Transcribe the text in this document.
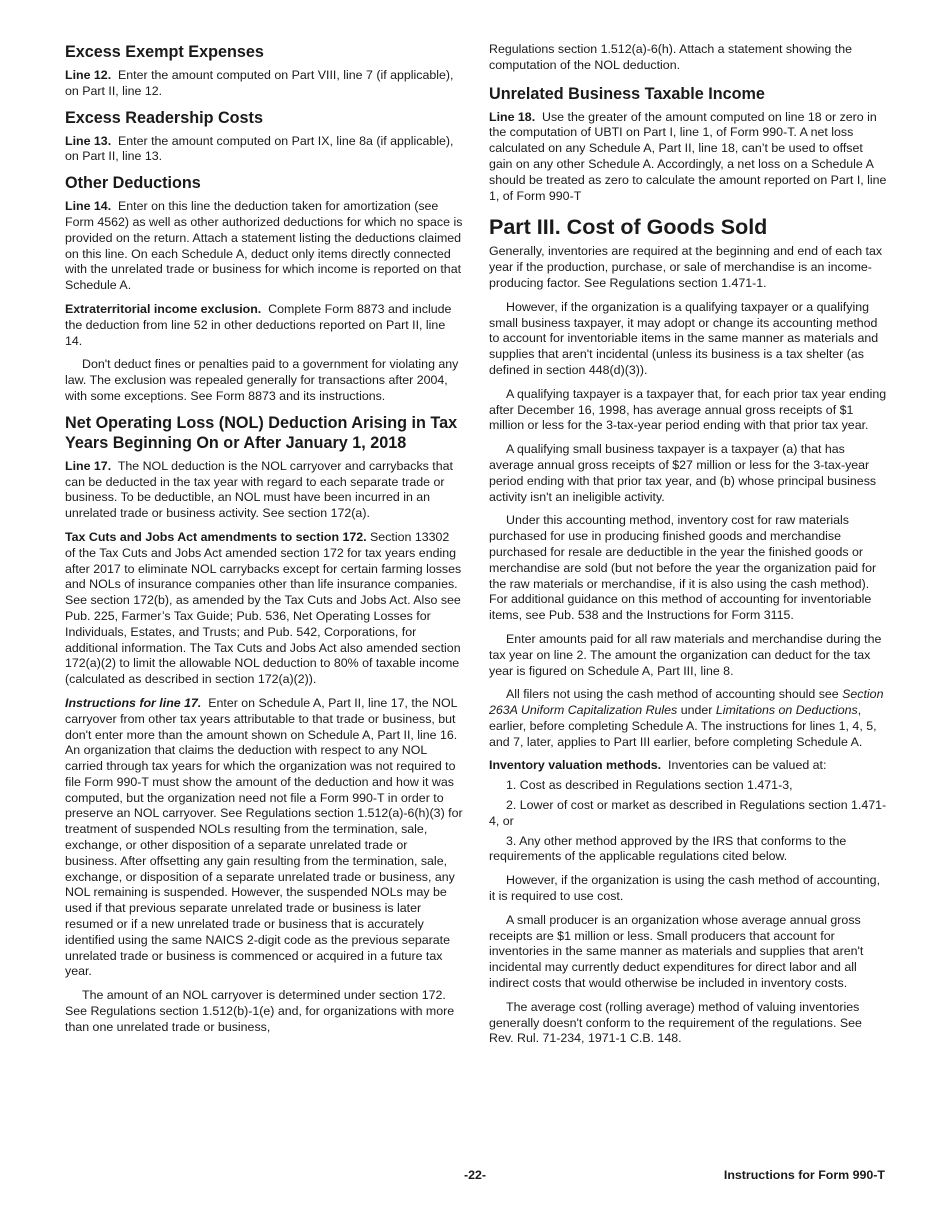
Excess Exempt Expenses

Line 12. Enter the amount computed on Part VIII, line 7 (if applicable), on Part II, line 12.

Excess Readership Costs

Line 13. Enter the amount computed on Part IX, line 8a (if applicable), on Part II, line 13.

Other Deductions

Line 14. Enter on this line the deduction taken for amortization (see Form 4562) as well as other authorized deductions for which no space is provided on the return. Attach a statement listing the deductions claimed on this line. On each Schedule A, deduct only items directly connected with the unrelated trade or business for which income is reported on that Schedule A.

Extraterritorial income exclusion. Complete Form 8873 and include the deduction from line 52 in other deductions reported on Part II, line 14.

Don't deduct fines or penalties paid to a government for violating any law. The exclusion was repealed generally for transactions after 2004, with some exceptions. See Form 8873 and its instructions.

Net Operating Loss (NOL) Deduction Arising in Tax Years Beginning On or After January 1, 2018

Line 17. The NOL deduction is the NOL carryover and carrybacks that can be deducted in the tax year with regard to each separate trade or business. To be deductible, an NOL must have been incurred in an unrelated trade or business activity. See section 172(a).

Tax Cuts and Jobs Act amendments to section 172. Section 13302 of the Tax Cuts and Jobs Act amended section 172 for tax years ending after 2017 to eliminate NOL carrybacks except for certain farming losses and NOLs of insurance companies other than life insurance companies. See section 172(b), as amended by the Tax Cuts and Jobs Act. Also see Pub. 225, Farmer’s Tax Guide; Pub. 536, Net Operating Losses for Individuals, Estates, and Trusts; and Pub. 542, Corporations, for additional information. The Tax Cuts and Jobs Act also amended section 172(a)(2) to limit the allowable NOL deduction to 80% of taxable income (calculated as described in section 172(a)(2)).

Instructions for line 17. Enter on Schedule A, Part II, line 17, the NOL carryover from other tax years attributable to that trade or business, but don't enter more than the amount shown on Schedule A, Part II, line 16. An organization that claims the deduction with respect to any NOL carried through tax years for which the organization was not required to file Form 990-T must show the amount of the deduction and how it was computed, but the organization need not file a Form 990-T in order to preserve an NOL carryover. See Regulations section 1.512(a)-6(h)(3) for treatment of suspended NOLs resulting from the termination, sale, exchange, or other disposition of a separate unrelated trade or business. After offsetting any gain resulting from the termination, sale, exchange, or disposition of a separate unrelated trade or business, any NOL remaining is suspended. However, the suspended NOLs may be used if that previous separate unrelated trade or business is later resumed or if a new unrelated trade or business that is accurately identified using the same NAICS 2-digit code as the previous separate unrelated trade or business is commenced or acquired in a future tax year.

The amount of an NOL carryover is determined under section 172. See Regulations section 1.512(b)-1(e) and, for organizations with more than one unrelated trade or business,

Regulations section 1.512(a)-6(h). Attach a statement showing the computation of the NOL deduction.

Unrelated Business Taxable Income

Line 18. Use the greater of the amount computed on line 18 or zero in the computation of UBTI on Part I, line 1, of Form 990-T. A net loss calculated on any Schedule A, Part II, line 18, can’t be used to offset gain on any other Schedule A. Accordingly, a net loss on a Schedule A should be treated as zero to calculate the amount reported on Part I, line 1, of Form 990-T

Part III. Cost of Goods Sold

Generally, inventories are required at the beginning and end of each tax year if the production, purchase, or sale of merchandise is an income-producing factor. See Regulations section 1.471-1.

However, if the organization is a qualifying taxpayer or a qualifying small business taxpayer, it may adopt or change its accounting method to account for inventoriable items in the same manner as materials and supplies that aren't incidental (unless its business is a tax shelter (as defined in section 448(d)(3)).

A qualifying taxpayer is a taxpayer that, for each prior tax year ending after December 16, 1998, has average annual gross receipts of $1 million or less for the 3-tax-year period ending with that prior tax year.

A qualifying small business taxpayer is a taxpayer (a) that has average annual gross receipts of $27 million or less for the 3-tax-year period ending with that prior tax year, and (b) whose principal business activity isn't an ineligible activity.

Under this accounting method, inventory cost for raw materials purchased for use in producing finished goods and merchandise purchased for resale are deductible in the year the finished goods or merchandise are sold (but not before the year the organization paid for the raw materials or merchandise, if it is also using the cash method). For additional guidance on this method of accounting for inventoriable items, see Pub. 538 and the Instructions for Form 3115.

Enter amounts paid for all raw materials and merchandise during the tax year on line 2. The amount the organization can deduct for the tax year is figured on Schedule A, Part III, line 8.

All filers not using the cash method of accounting should see Section 263A Uniform Capitalization Rules under Limitations on Deductions, earlier, before completing Schedule A. The instructions for lines 1, 4, 5, and 7, later, applies to Part III earlier, before completing Schedule A.

Inventory valuation methods. Inventories can be valued at:

1. Cost as described in Regulations section 1.471-3,

2. Lower of cost or market as described in Regulations section 1.471-4, or

3. Any other method approved by the IRS that conforms to the requirements of the applicable regulations cited below.

However, if the organization is using the cash method of accounting, it is required to use cost.

A small producer is an organization whose average annual gross receipts are $1 million or less. Small producers that account for inventories in the same manner as materials and supplies that aren't incidental may currently deduct expenditures for direct labor and all indirect costs that would otherwise be included in inventory costs.

The average cost (rolling average) method of valuing inventories generally doesn't conform to the requirement of the regulations. See Rev. Rul. 71-234, 1971-1 C.B. 148.

-22-	Instructions for Form 990-T
